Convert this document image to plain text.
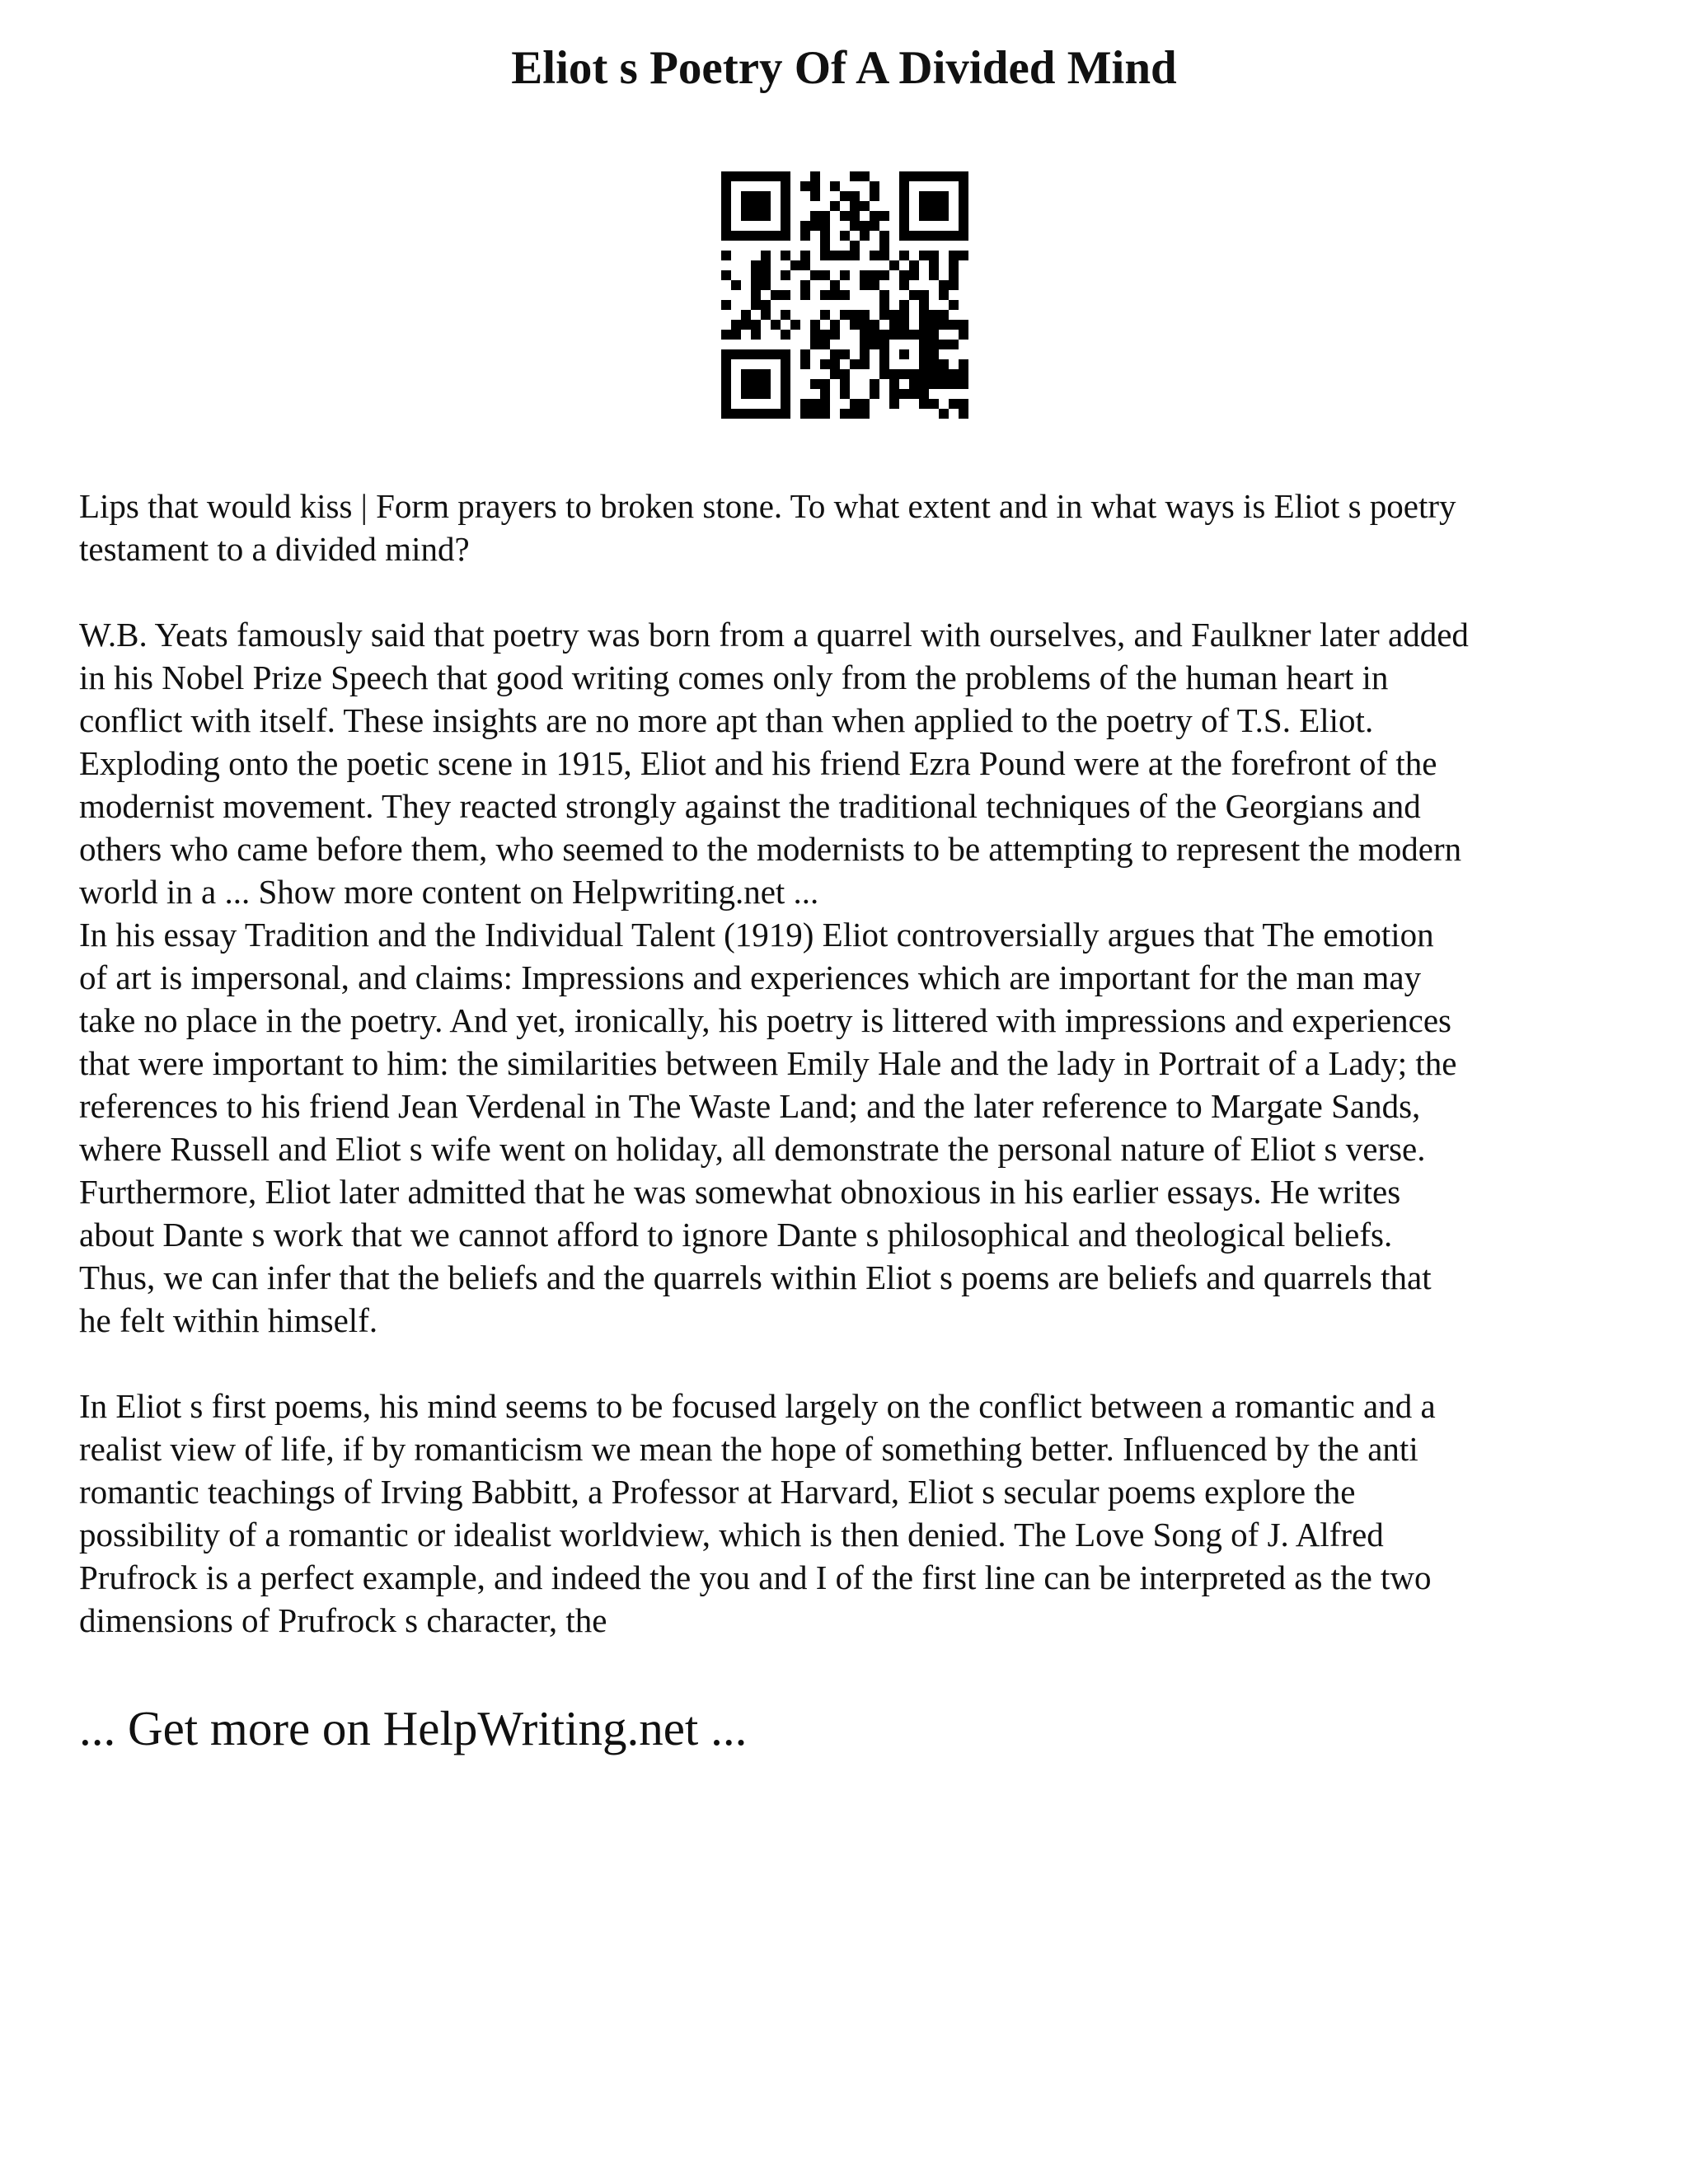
Eliot s Poetry Of A Divided Mind

Lips that would kiss | Form prayers to broken stone. To what extent and in what ways is Eliot s poetry
testament to a divided mind?

W.B. Yeats famously said that poetry was born from a quarrel with ourselves, and Faulkner later added
in his Nobel Prize Speech that good writing comes only from the problems of the human heart in
conflict with itself. These insights are no more apt than when applied to the poetry of T.S. Eliot.
Exploding onto the poetic scene in 1915, Eliot and his friend Ezra Pound were at the forefront of the
modernist movement. They reacted strongly against the traditional techniques of the Georgians and
others who came before them, who seemed to the modernists to be attempting to represent the modern
world in a ... Show more content on Helpwriting.net ...

In his essay Tradition and the Individual Talent (1919) Eliot controversially argues that The emotion
of art is impersonal, and claims: Impressions and experiences which are important for the man may
take no place in the poetry. And yet, ironically, his poetry is littered with impressions and experiences
that were important to him: the similarities between Emily Hale and the lady in Portrait of a Lady; the
references to his friend Jean Verdenal in The Waste Land; and the later reference to Margate Sands,
where Russell and Eliot s wife went on holiday, all demonstrate the personal nature of Eliot s verse.
Furthermore, Eliot later admitted that he was somewhat obnoxious in his earlier essays. He writes
about Dante s work that we cannot afford to ignore Dante s philosophical and theological beliefs.
Thus, we can infer that the beliefs and the quarrels within Eliot s poems are beliefs and quarrels that
he felt within himself.

In Eliot s first poems, his mind seems to be focused largely on the conflict between a romantic and a
realist view of life, if by romanticism we mean the hope of something better. Influenced by the anti
romantic teachings of Irving Babbitt, a Professor at Harvard, Eliot s secular poems explore the
possibility of a romantic or idealist worldview, which is then denied. The Love Song of J. Alfred
Prufrock is a perfect example, and indeed the you and I of the first line can be interpreted as the two
dimensions of Prufrock s character, the

... Get more on HelpWriting.net ...
